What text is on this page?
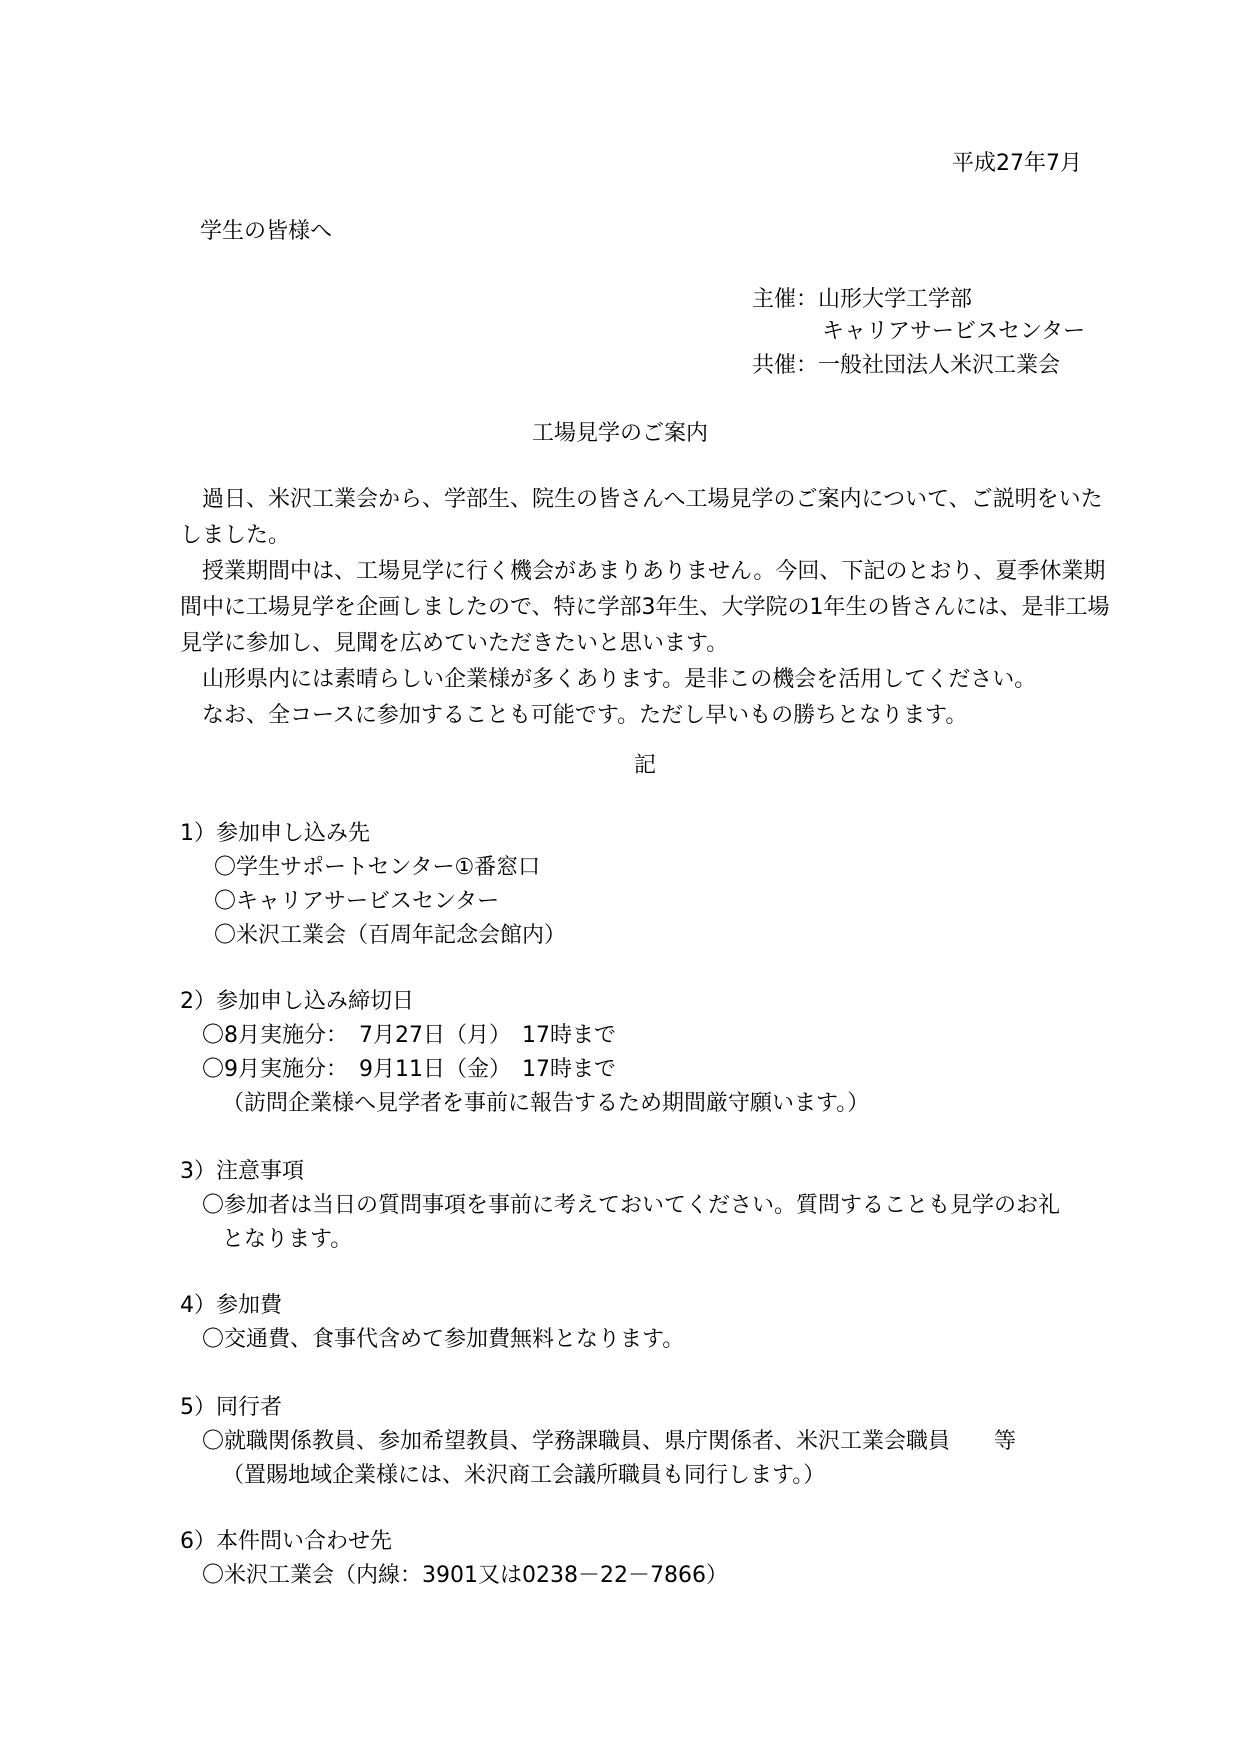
平成27年7月
学生の皆様へ
主催：山形大学工学部
キャリアサービスセンター
共催：一般社団法人米沢工業会
工場見学のご案内
過日、米沢工業会から、学部生、院生の皆さんへ工場見学のご案内について、ご説明をいたしました。
授業期間中は、工場見学に行く機会があまりありません。今回、下記のとおり、夏季休業期間中に工場見学を企画しましたので、特に学部3年生、大学院の1年生の皆さんには、是非工場見学に参加し、見聞を広めていただきたいと思います。
山形県内には素晴らしい企業様が多くあります。是非この機会を活用してください。
なお、全コースに参加することも可能です。ただし早いもの勝ちとなります。
記
1）参加申し込み先
〇学生サポートセンター①番窓口
〇キャリアサービスセンター
〇米沢工業会（百周年記念会館内）
2）参加申し込み締切日
〇8月実施分：　7月27日（月）　17時まで
〇9月実施分：　9月11日（金）　17時まで
（訪問企業様へ見学者を事前に報告するため期間厳守願います。）
3）注意事項
〇参加者は当日の質問事項を事前に考えておいてください。質問することも見学のお礼
となります。
4）参加費
〇交通費、食事代含めて参加費無料となります。
5）同行者
〇就職関係教員、参加希望教員、学務課職員、県庁関係者、米沢工業会職員　　等
（置賜地域企業様には、米沢商工会議所職員も同行します。）
6）本件問い合わせ先
〇米沢工業会（内線：3901又は0238－22－7866）
